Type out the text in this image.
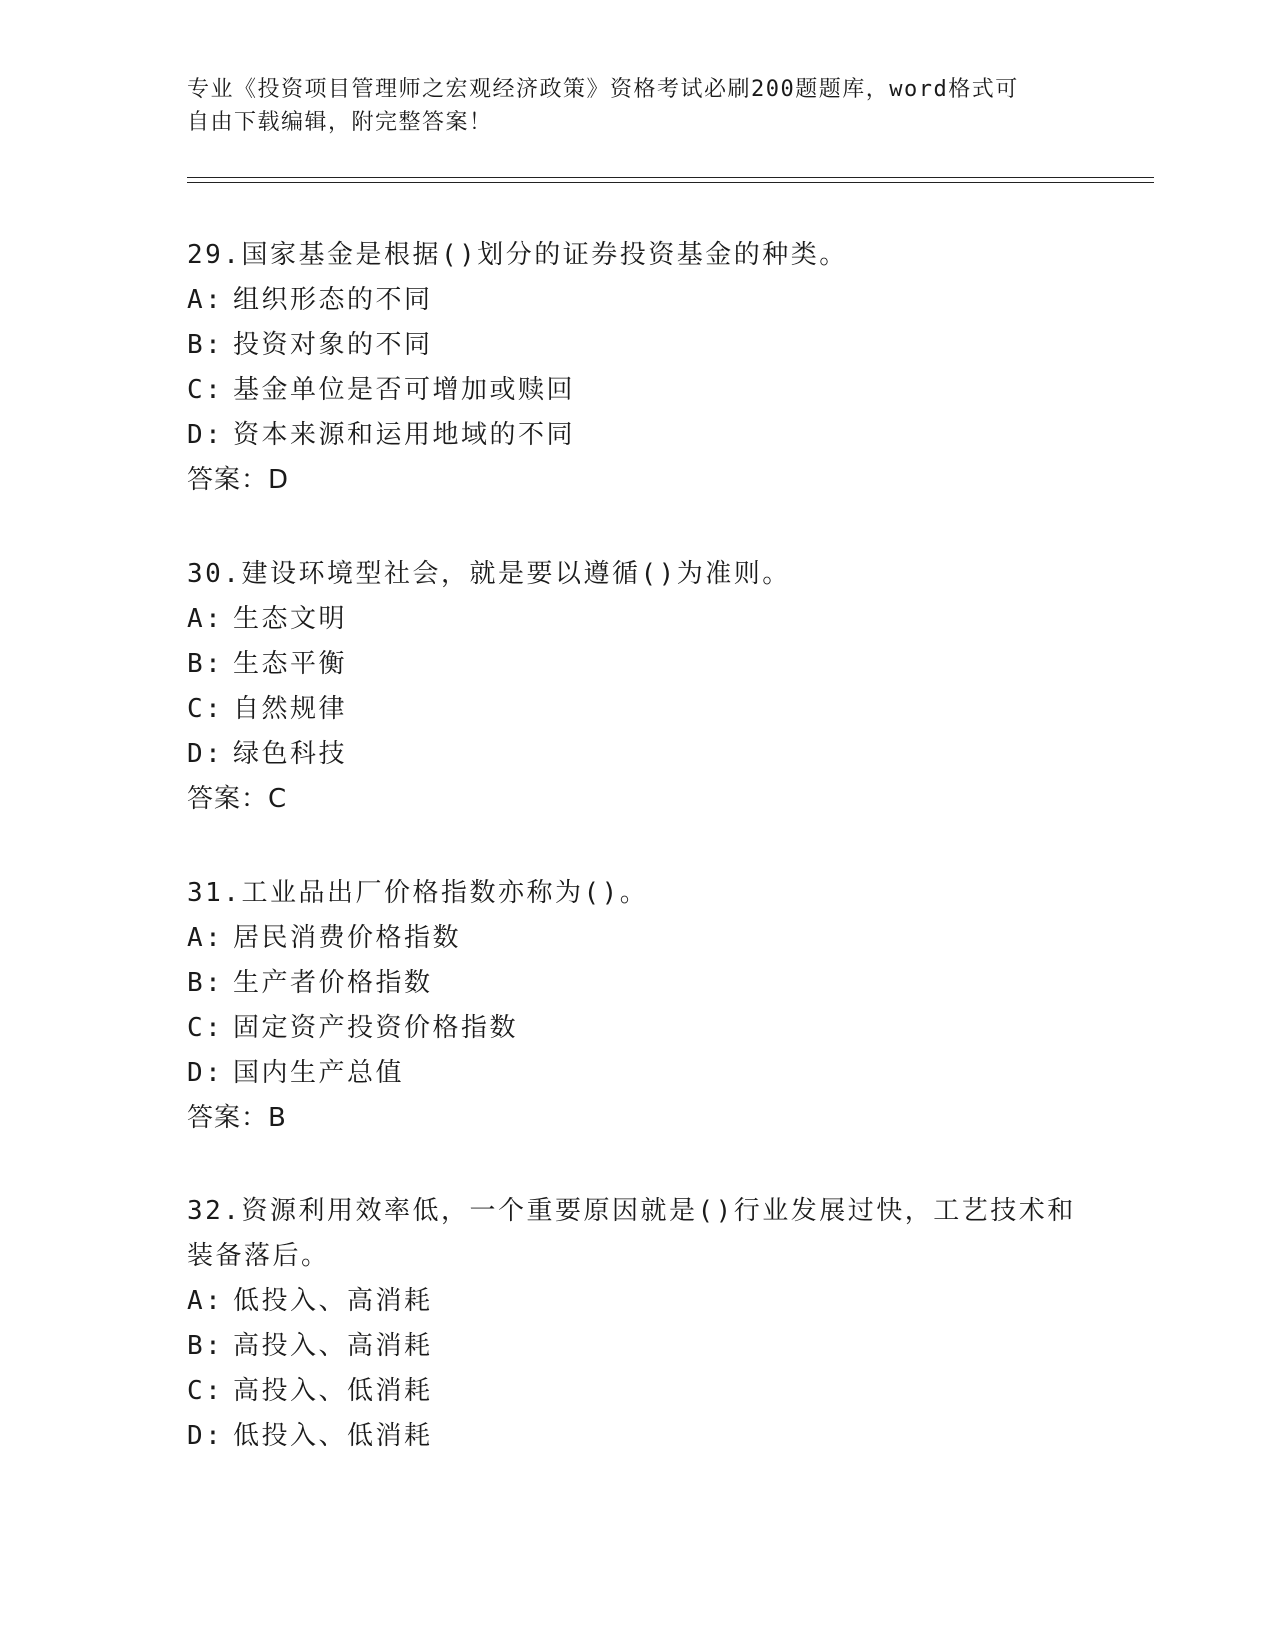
专业《投资项目管理师之宏观经济政策》资格考试必刷200题题库，word格式可
自由下载编辑，附完整答案！
29.国家基金是根据()划分的证券投资基金的种类。
A: 组织形态的不同
B: 投资对象的不同
C: 基金单位是否可增加或赎回
D: 资本来源和运用地域的不同
答案：D
30.建设环境型社会，就是要以遵循()为准则。
A: 生态文明
B: 生态平衡
C: 自然规律
D: 绿色科技
答案：C
31.工业品出厂价格指数亦称为()。
A: 居民消费价格指数
B: 生产者价格指数
C: 固定资产投资价格指数
D: 国内生产总值
答案：B
32.资源利用效率低，一个重要原因就是()行业发展过快，工艺技术和
装备落后。
A: 低投入、高消耗
B: 高投入、高消耗
C: 高投入、低消耗
D: 低投入、低消耗
